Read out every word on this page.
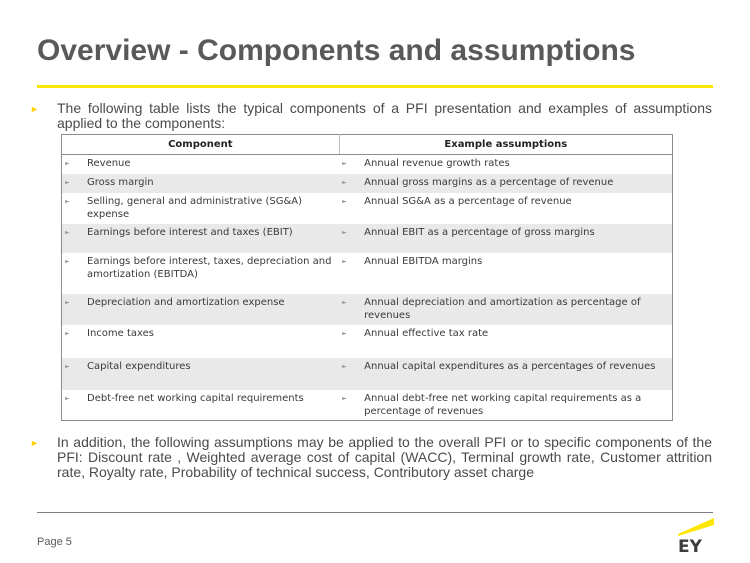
Overview - Components and assumptions
► The following table lists the typical components of a PFI presentation and examples of assumptions applied to the components:
Component	Example assumptions

► Revenue	► Annual revenue growth rates

► Gross margin	► Annual gross margins as a percentage of revenue

► Selling, general and administrative (SG&A) expense	► Annual SG&A as a percentage of revenue

► Earnings before interest and taxes (EBIT)	► Annual EBIT as a percentage of gross margins

► Earnings before interest, taxes, depreciation and amortization (EBITDA)	► Annual EBITDA margins

► Depreciation and amortization expense	► Annual depreciation and amortization as percentage of revenues

► Income taxes	► Annual effective tax rate

► Capital expenditures	► Annual capital expenditures as a percentages of revenues

► Debt-free net working capital requirements	► Annual debt-free net working capital requirements as a percentage of revenues
► In addition, the following assumptions may be applied to the overall PFI or to specific components of the PFI: Discount rate , Weighted average cost of capital (WACC), Terminal growth rate, Customer attrition rate, Royalty rate, Probability of technical success, Contributory asset charge
Page 5	EY
